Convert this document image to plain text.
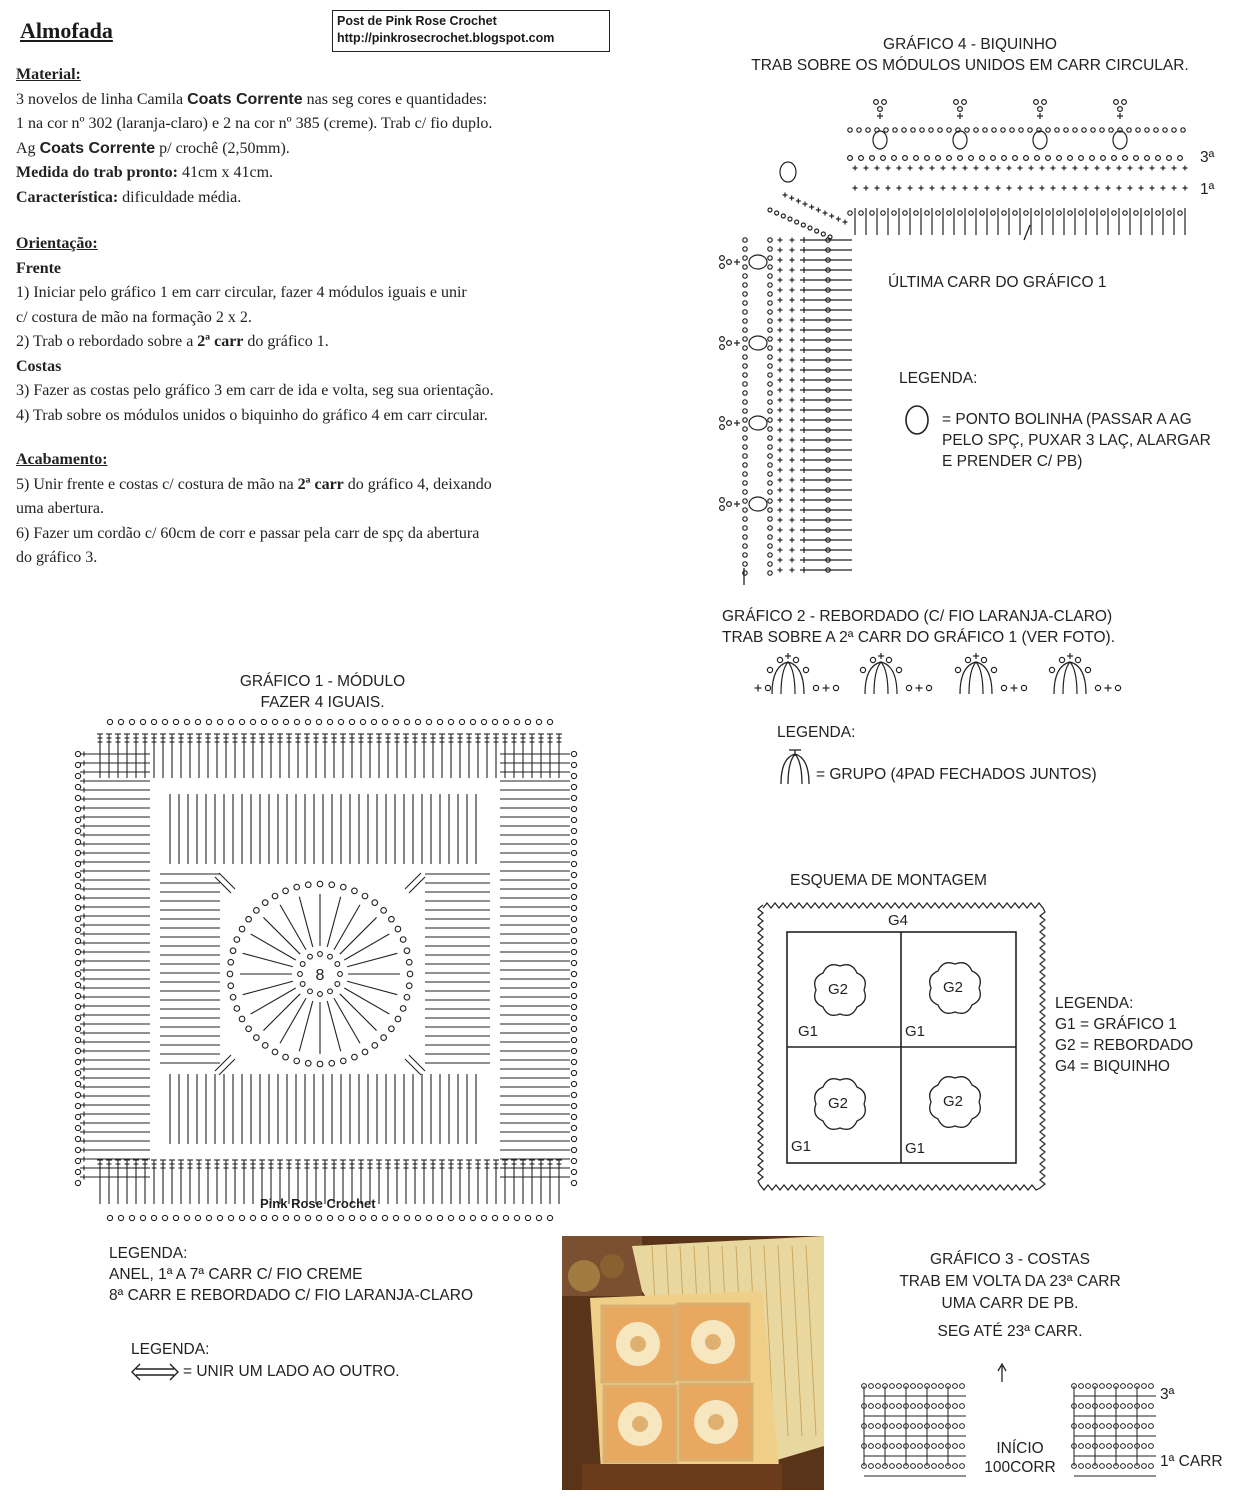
Almofada	Post de Pink Rose Crochet
http://pinkrosecrochet.blogspot.com
Material:
3 novelos de linha Camila Coats Corrente nas seg cores e quantidades:
1 na cor nº 302 (laranja-claro) e 2 na cor nº 385 (creme). Trab c/ fio duplo.
Ag Coats Corrente p/ crochê (2,50mm).
Medida do trab pronto: 41cm x 41cm.
Característica: dificuldade média.
Orientação:
Frente
1) Iniciar pelo gráfico 1 em carr circular, fazer 4 módulos iguais e unir
c/ costura de mão na formação 2 x 2.
2) Trab o rebordado sobre a 2ª carr do gráfico 1.
Costas
3) Fazer as costas pelo gráfico 3 em carr de ida e volta, seg sua orientação.
4) Trab sobre os módulos unidos o biquinho do gráfico 4 em carr circular.
Acabamento:
5) Unir frente e costas c/ costura de mão na 2ª carr do gráfico 4, deixando
uma abertura.
6) Fazer um cordão c/ 60cm de corr e passar pela carr de spç da abertura
do gráfico 3.
GRÁFICO 4 - BIQUINHO
TRAB SOBRE OS MÓDULOS UNIDOS EM CARR CIRCULAR.
3ª
1ª
ÚLTIMA CARR DO GRÁFICO 1
LEGENDA:
= PONTO BOLINHA (PASSAR A AG
PELO SPÇ, PUXAR 3 LAÇ, ALARGAR
E PRENDER C/ PB)
GRÁFICO 2 - REBORDADO (C/ FIO LARANJA-CLARO)
TRAB SOBRE A 2ª CARR DO GRÁFICO 1 (VER FOTO).
LEGENDA:
= GRUPO (4PAD FECHADOS JUNTOS)
GRÁFICO 1 - MÓDULO
FAZER 4 IGUAIS.
8
Pink Rose Crochet
LEGENDA:
ANEL, 1ª A 7ª CARR C/ FIO CREME
8ª CARR E REBORDADO C/ FIO LARANJA-CLARO
LEGENDA:
= UNIR UM LADO AO OUTRO.
ESQUEMA DE MONTAGEM
G4
G2	G2
G2	G2
G1	G1
G1	G1
LEGENDA:
G1 = GRÁFICO 1
G2 = REBORDADO
G4 = BIQUINHO
GRÁFICO 3 - COSTAS
TRAB EM VOLTA DA 23ª CARR
UMA CARR DE PB.
SEG ATÉ 23ª CARR.
INÍCIO
100CORR
3ª
1ª CARR
